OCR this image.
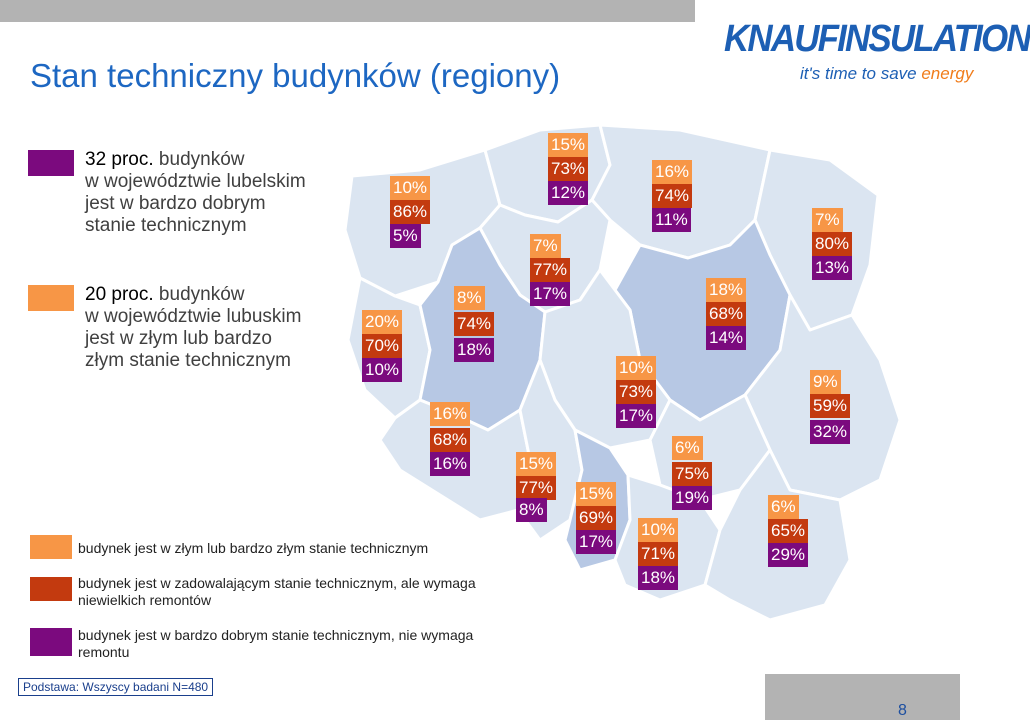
Stan techniczny budynków (regiony)
KNAUFINSULATION
it's time to save energy
32 proc. budynków
w województwie lubelskim
jest w bardzo dobrym
stanie technicznym
20 proc. budynków
w województwie lubuskim
jest w złym lub bardzo
złym stanie technicznym
budynek jest w złym lub bardzo złym stanie technicznym
budynek jest w zadowalającym stanie technicznym, ale wymaga niewielkich remontów
budynek jest w bardzo dobrym stanie technicznym, nie wymaga remontu
10%
86%
5%
15%
73%
12%
16%
74%
11%	7%
80%
13%
7%
77%
17%
20%
70%
10%
8%
74%
18%
18%
68%
14%
10%
73%
17%
16%
68%
16%
9%
59%
32%
15%
77%
8%
15%
69%
17%
6%
75%
19%
10%
71%
18%
6%
65%
29%
Podstawa: Wszyscy badani N=480
8
